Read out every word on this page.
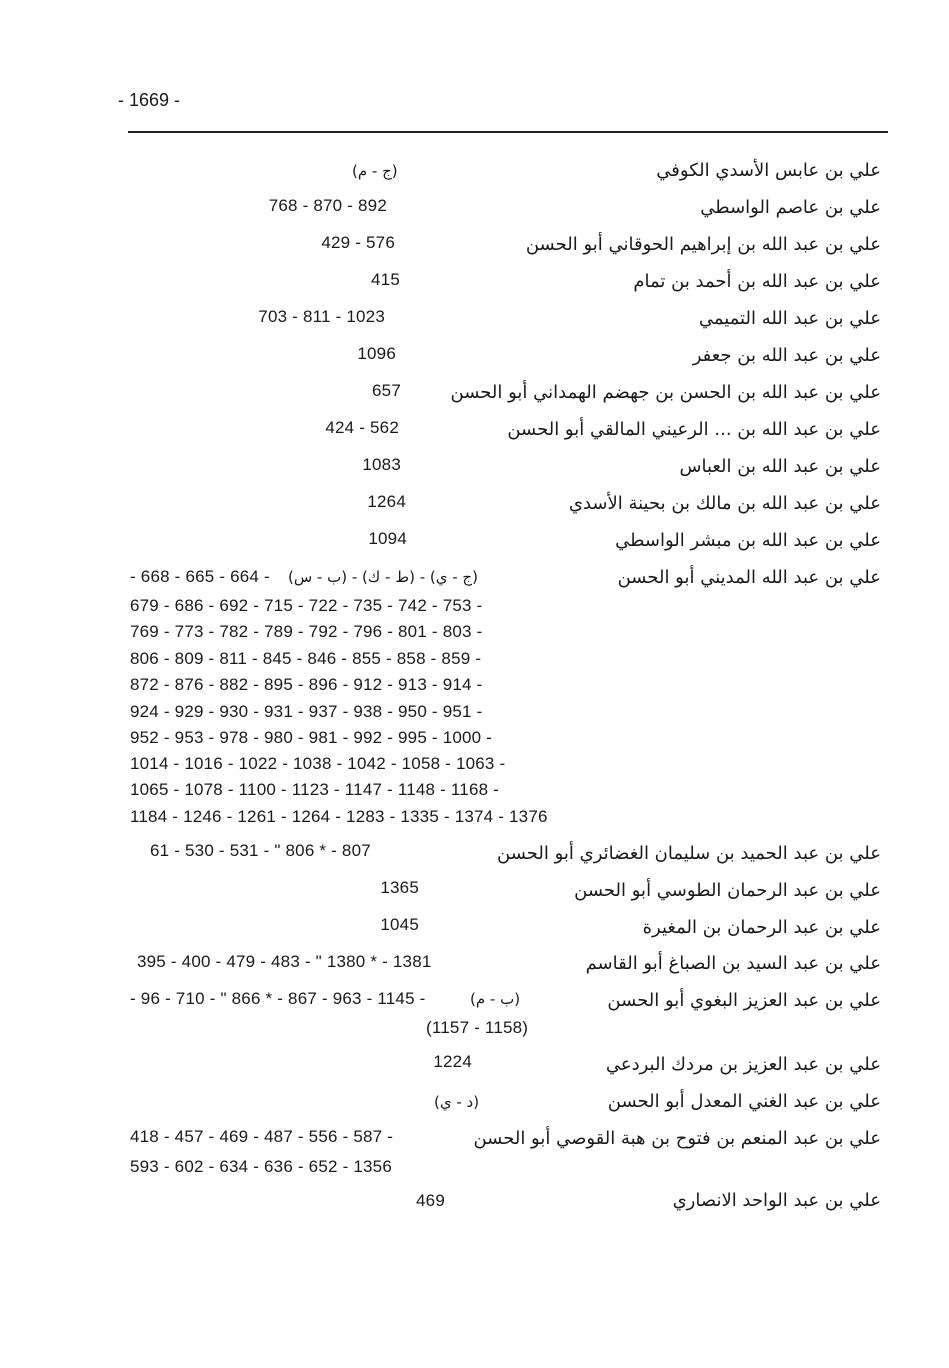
- 1669 -
علي بن عابس الأسدي الكوفي
(ج - م)
علي بن عاصم الواسطي
768 - 870 - 892
علي بن عبد الله بن إبراهيم الحوقاني أبو الحسن
429 - 576
علي بن عبد الله بن أحمد بن تمام
415
علي بن عبد الله التميمي
703 - 811 - 1023
علي بن عبد الله بن جعفر
1096
علي بن عبد الله بن الحسن بن جهضم الهمداني أبو الحسن
657
علي بن عبد الله بن ... الرعيني المالقي أبو الحسن
424 - 562
علي بن عبد الله بن العباس
1083
علي بن عبد الله بن مالك بن بحينة الأسدي
1264
علي بن عبد الله بن مبشر الواسطي
1094
علي بن عبد الله المديني أبو الحسن
- 668 - 665 - 664 - (ج - ي) - (ط - ك) - (ب - س)
679 - 686 - 692 - 715 - 722 - 735 - 742 - 753 -
769 - 773 - 782 - 789 - 792 - 796 - 801 - 803 -
806 - 809 - 811 - 845 - 846 - 855 - 858 - 859 -
872 - 876 - 882 - 895 - 896 - 912 - 913 - 914 -
924 - 929 - 930 - 931 - 937 - 938 - 950 - 951 -
952 - 953 - 978 - 980 - 981 - 992 - 995 - 1000 -
1014 - 1016 - 1022 - 1038 - 1042 - 1058 - 1063 -
1065 - 1078 - 1100 - 1123 - 1147 - 1148 - 1168 -
1184 - 1246 - 1261 - 1264 - 1283 - 1335 - 1374 - 1376
علي بن عبد الحميد بن سليمان الغضائري أبو الحسن
61 - 530 - 531 - " 806 * - 807
علي بن عبد الرحمان الطوسي أبو الحسن
1365
علي بن عبد الرحمان بن المغيرة
1045
علي بن عبد السيد بن الصباغ أبو القاسم
395 - 400 - 479 - 483 - " 1380 * - 1381
علي بن عبد العزيز البغوي أبو الحسن
- 96 - 710 - " 866 * - 867 - 963 - 1145 -	(ب - م)
(1157 - 1158)
علي بن عبد العزيز بن مردك البردعي
1224
علي بن عبد الغني المعدل أبو الحسن
(د - ي)
علي بن عبد المنعم بن فتوح بن هبة القوصي أبو الحسن
418 - 457 - 469 - 487 - 556 - 587 -
593 - 602 - 634 - 636 - 652 - 1356
علي بن عبد الواحد الانصاري
469
